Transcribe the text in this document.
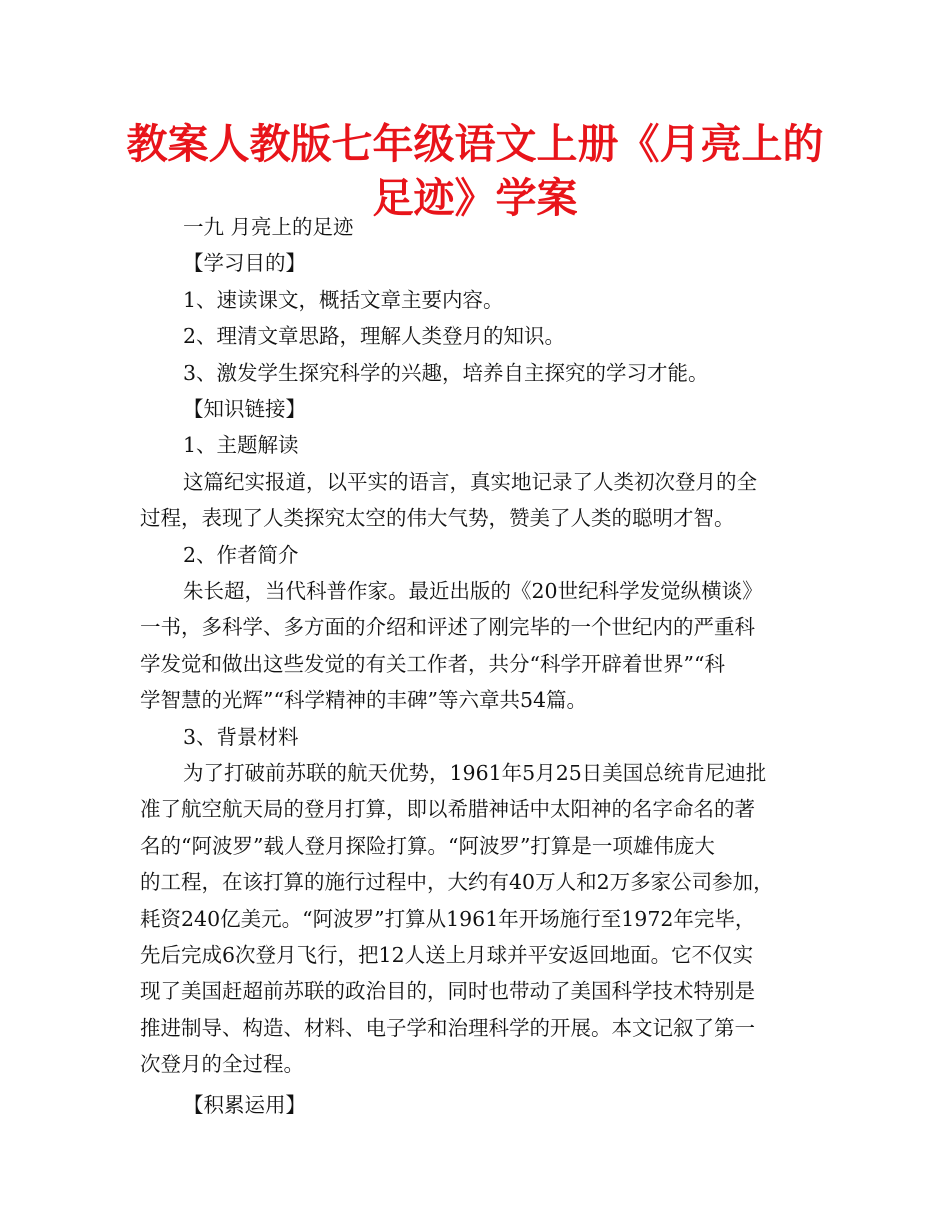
教案人教版七年级语文上册《月亮上的足迹》学案
一九 月亮上的足迹
【学习目的】
1、速读课文，概括文章主要内容。
2、理清文章思路，理解人类登月的知识。
3、激发学生探究科学的兴趣，培养自主探究的学习才能。
【知识链接】
1、主题解读
这篇纪实报道，以平实的语言，真实地记录了人类初次登月的全
过程，表现了人类探究太空的伟大气势，赞美了人类的聪明才智。
2、作者简介
朱长超，当代科普作家。最近出版的《20世纪科学发觉纵横谈》
一书，多科学、多方面的介绍和评述了刚完毕的一个世纪内的严重科
学发觉和做出这些发觉的有关工作者，共分“科学开辟着世界”“科
学智慧的光辉”“科学精神的丰碑”等六章共54篇。
3、背景材料
为了打破前苏联的航天优势，1961年5月25日美国总统肯尼迪批
准了航空航天局的登月打算，即以希腊神话中太阳神的名字命名的著
名的“阿波罗”载人登月探险打算。“阿波罗”打算是一项雄伟庞大
的工程，在该打算的施行过程中，大约有40万人和2万多家公司参加，
耗资240亿美元。“阿波罗”打算从1961年开场施行至1972年完毕，
先后完成6次登月飞行，把12人送上月球并平安返回地面。它不仅实
现了美国赶超前苏联的政治目的，同时也带动了美国科学技术特别是
推进制导、构造、材料、电子学和治理科学的开展。本文记叙了第一
次登月的全过程。
【积累运用】
